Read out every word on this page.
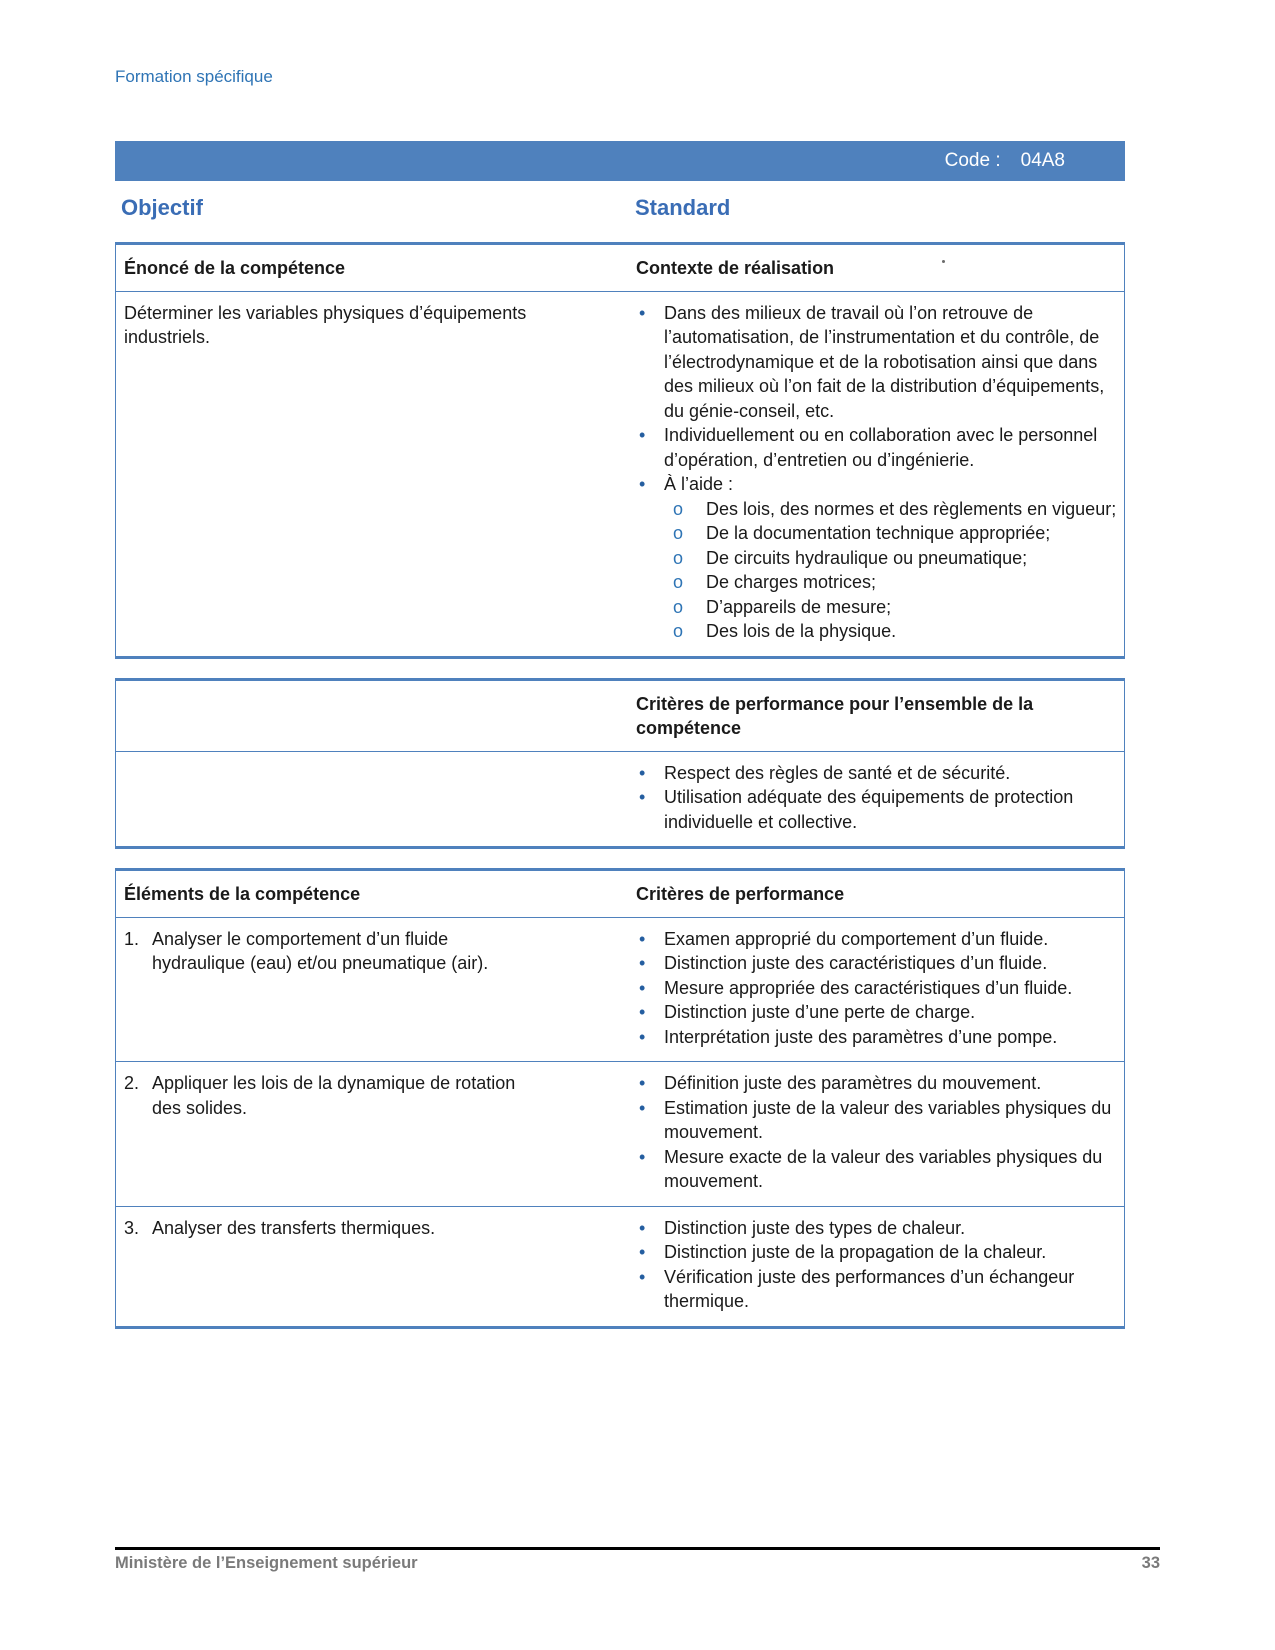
Formation spécifique
Code : 04A8
Objectif	Standard
Énoncé de la compétence	Contexte de réalisation

Déterminer les variables physiques d’équipements industriels.

• Dans des milieux de travail où l’on retrouve de l’automatisation, de l’instrumentation et du contrôle, de l’électrodynamique et de la robotisation ainsi que dans des milieux où l’on fait de la distribution d’équipements, du génie-conseil, etc.
• Individuellement ou en collaboration avec le personnel d’opération, d’entretien ou d’ingénierie.
• À l’aide :
o Des lois, des normes et des règlements en vigueur;
o De la documentation technique appropriée;
o De circuits hydraulique ou pneumatique;
o De charges motrices;
o D’appareils de mesure;
o Des lois de la physique.
Critères de performance pour l’ensemble de la compétence
• Respect des règles de santé et de sécurité.
• Utilisation adéquate des équipements de protection individuelle et collective.
Éléments de la compétence	Critères de performance
1. Analyser le comportement d’un fluide hydraulique (eau) et/ou pneumatique (air).
• Examen approprié du comportement d’un fluide.
• Distinction juste des caractéristiques d’un fluide.
• Mesure appropriée des caractéristiques d’un fluide.
• Distinction juste d’une perte de charge.
• Interprétation juste des paramètres d’une pompe.
2. Appliquer les lois de la dynamique de rotation des solides.
• Définition juste des paramètres du mouvement.
• Estimation juste de la valeur des variables physiques du mouvement.
• Mesure exacte de la valeur des variables physiques du mouvement.
3. Analyser des transferts thermiques.	• Distinction juste des types de chaleur.
• Distinction juste de la propagation de la chaleur.
• Vérification juste des performances d’un échangeur thermique.
Ministère de l’Enseignement supérieur	33
